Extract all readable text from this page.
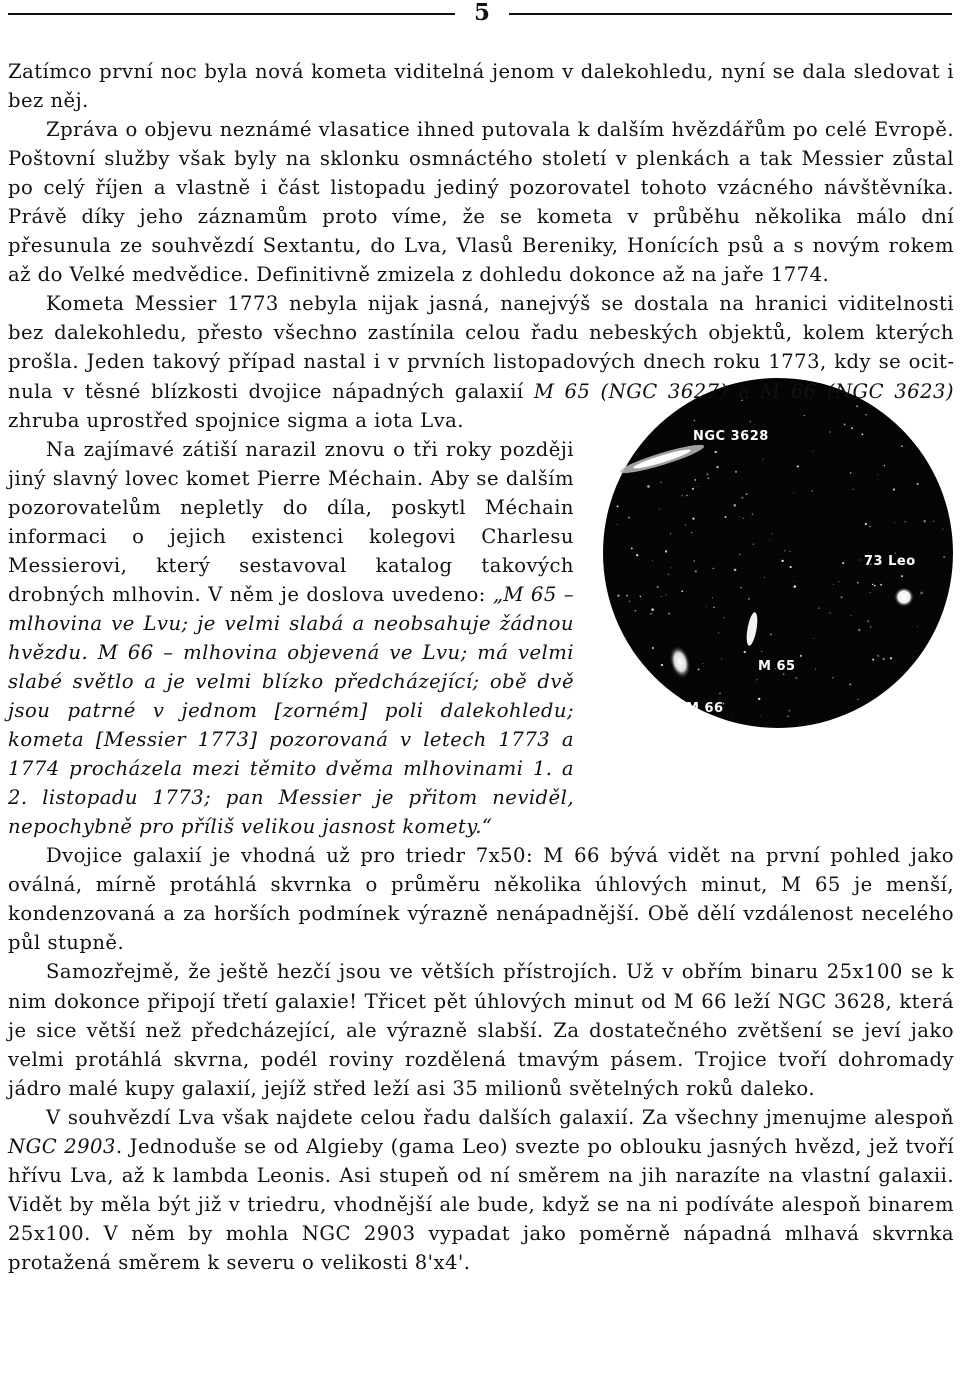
5

Zatímco první noc byla nová kometa viditelná jenom v dalekohledu, nyní se dala sledovat i bez něj.

Zpráva o objevu neznámé vlasatice ihned putovala k dalším hvězdářům po celé Evropě. Poštovní služby však byly na sklonku osmnáctého století v plenkách a tak Messier zůstal po celý říjen a vlastně i část listopadu jediný pozorovatel tohoto vzácného návštěvníka. Právě díky jeho záznamům proto víme, že se kometa v průběhu několika málo dní přesunula ze souhvězdí Sextantu, do Lva, Vlasů Bereniky, Honících psů a s novým rokem až do Velké medvědice. Definitivně zmizela z dohledu dokonce až na jaře 1774.

Kometa Messier 1773 nebyla nijak jasná, nanejvýš se dostala na hranici viditelnosti bez dalekohledu, přesto všechno zastínila celou řadu nebeských objektů, kolem kterých prošla. Jeden takový případ nastal i v prvních listopadových dnech roku 1773, kdy se ocitnula v těsné blízkosti dvojice nápadných galaxií
NGC 3628
73 Leo
M 65
M 66
M 65 (NGC 3627) a M 66 (NGC 3623) zhruba uprostřed spojnice sigma a iota Lva.

Na zajímavé zátiší narazil znovu o tři roky později jiný slavný lovec komet Pierre Méchain. Aby se dalším pozorovatelům nepletly do díla, poskytl Méchain informaci o jejich existenci kolegovi Charlesu Messierovi, který sestavoval katalog takových drobných mlhovin. V něm je doslova uvedeno: „M 65 – mlhovina ve Lvu; je velmi slabá a neobsahuje žádnou hvězdu. M 66 – mlhovina objevená ve Lvu; má velmi slabé světlo a je velmi blízko předcházející; obě dvě jsou patrné v jednom [zorném] poli dalekohledu; kometa [Messier 1773] pozorovaná v letech 1773 a 1774 procházela mezi těmito dvěma mlhovinami 1. a 2. listopadu 1773; pan Messier je přitom neviděl, nepochybně pro příliš velikou jasnost komety.“

Dvojice galaxií je vhodná už pro triedr 7x50: M 66 bývá vidět na první pohled jako oválná, mírně protáhlá skvrnka o průměru několika úhlových minut, M 65 je menší, kondenzovaná a za horších podmínek výrazně nenápadnější. Obě dělí vzdálenost necelého půl stupně.

Samozřejmě, že ještě hezčí jsou ve větších přístrojích. Už v obřím binaru 25x100 se k nim dokonce připojí třetí galaxie! Třicet pět úhlových minut od M 66 leží NGC 3628, která je sice větší než předcházející, ale výrazně slabší. Za dostatečného zvětšení se jeví jako velmi protáhlá skvrna, podél roviny rozdělená tmavým pásem. Trojice tvoří dohromady jádro malé kupy galaxií, jejíž střed leží asi 35 milionů světelných roků daleko.

V souhvězdí Lva však najdete celou řadu dalších galaxií. Za všechny jmenujme alespoň NGC 2903. Jednoduše se od Algieby (gama Leo) svezte po oblouku jasných hvězd, jež tvoří hřívu Lva, až k lambda Leonis. Asi stupeň od ní směrem na jih narazíte na vlastní galaxii. Vidět by měla být již v triedru, vhodnější ale bude, když se na ni podíváte alespoň binarem 25x100. V něm by mohla NGC 2903 vypadat jako poměrně nápadná mlhavá skvrnka protažená směrem k severu o velikosti 8'x4'.
